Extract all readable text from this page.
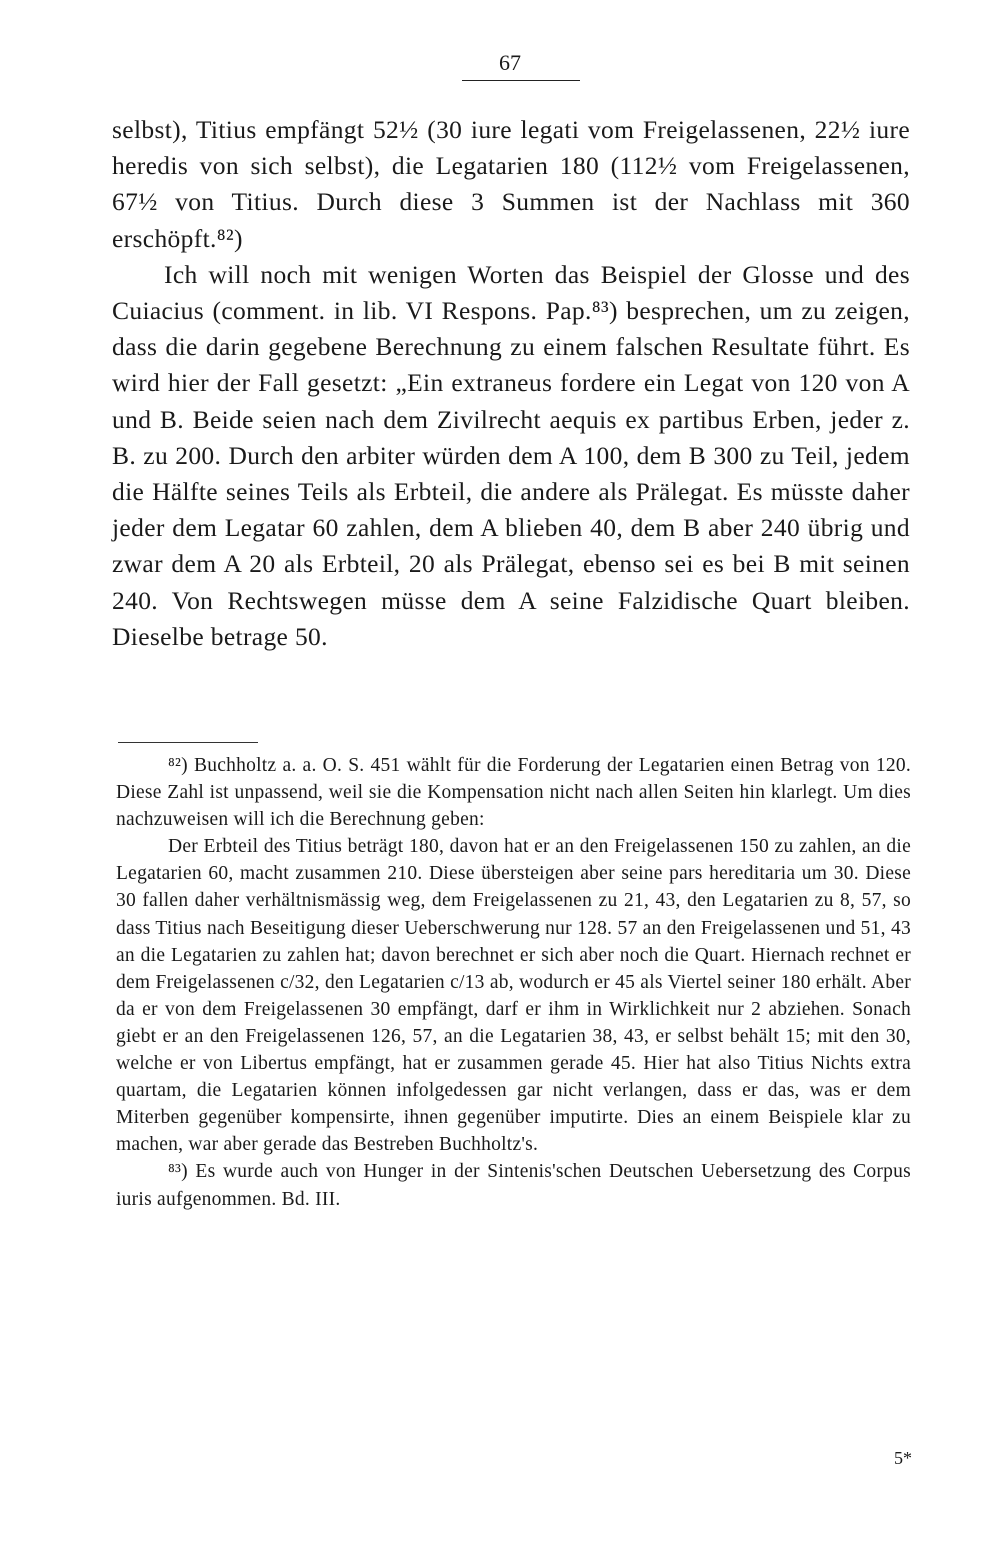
67

selbst), Titius empfängt 52½ (30 iure legati vom Freigelassenen, 22½ iure heredis von sich selbst), die Legatarien 180 (112½ vom Freigelassenen, 67½ von Titius. Durch diese 3 Summen ist der Nachlass mit 360 erschöpft.⁸²)

Ich will noch mit wenigen Worten das Beispiel der Glosse und des Cuiacius (comment. in lib. VI Respons. Pap.⁸³) besprechen, um zu zeigen, dass die darin gegebene Berechnung zu einem falschen Resultate führt. Es wird hier der Fall gesetzt: „Ein extraneus fordere ein Legat von 120 von A und B. Beide seien nach dem Zivilrecht aequis ex partibus Erben, jeder z. B. zu 200. Durch den arbiter würden dem A 100, dem B 300 zu Teil, jedem die Hälfte seines Teils als Erbteil, die andere als Prälegat. Es müsste daher jeder dem Legatar 60 zahlen, dem A blieben 40, dem B aber 240 übrig und zwar dem A 20 als Erbteil, 20 als Prälegat, ebenso sei es bei B mit seinen 240. Von Rechtswegen müsse dem A seine Falzidische Quart bleiben. Dieselbe betrage 50.

⁸²) Buchholtz a. a. O. S. 451 wählt für die Forderung der Legatarien einen Betrag von 120. Diese Zahl ist unpassend, weil sie die Kompensation nicht nach allen Seiten hin klarlegt. Um dies nachzuweisen will ich die Berechnung geben:

Der Erbteil des Titius beträgt 180, davon hat er an den Freigelassenen 150 zu zahlen, an die Legatarien 60, macht zusammen 210. Diese übersteigen aber seine pars hereditaria um 30. Diese 30 fallen daher verhältnismässig weg, dem Freigelassenen zu 21, 43, den Legatarien zu 8, 57, so dass Titius nach Beseitigung dieser Ueberschwerung nur 128. 57 an den Freigelassenen und 51, 43 an die Legatarien zu zahlen hat; davon berechnet er sich aber noch die Quart. Hiernach rechnet er dem Freigelassenen c/32, den Legatarien c/13 ab, wodurch er 45 als Viertel seiner 180 erhält. Aber da er von dem Freigelassenen 30 empfängt, darf er ihm in Wirklichkeit nur 2 abziehen. Sonach giebt er an den Freigelassenen 126, 57, an die Legatarien 38, 43, er selbst behält 15; mit den 30, welche er von Libertus empfängt, hat er zusammen gerade 45. Hier hat also Titius Nichts extra quartam, die Legatarien können infolgedessen gar nicht verlangen, dass er das, was er dem Miterben gegenüber kompensirte, ihnen gegenüber imputirte. Dies an einem Beispiele klar zu machen, war aber gerade das Bestreben Buchholtz's.

⁸³) Es wurde auch von Hunger in der Sintenis'schen Deutschen Uebersetzung des Corpus iuris aufgenommen. Bd. III.

5*
